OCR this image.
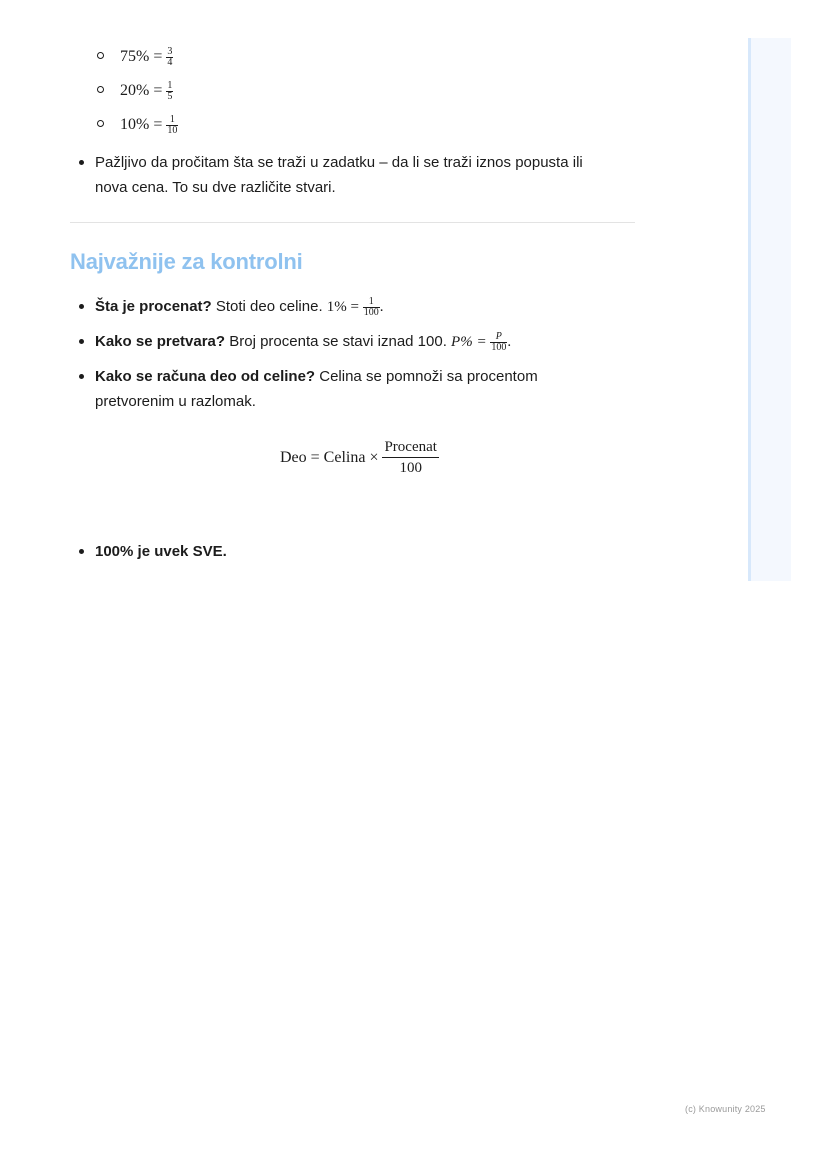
$75\% = \frac{3}{4}$
$20\% = \frac{1}{5}$
$10\% = \frac{1}{10}$
Pažljivo da pročitam šta se traži u zadatku – da li se traži iznos popusta ili
nova cena. To su dve različite stvari.
Najvažnije za kontrolni
Šta je procenat? Stoti deo celine. $1\% = \frac{1}{100}$ .
Kako se pretvara? Broj procenta se stavi iznad 100. $P\% = \frac{P}{100}$ .
Kako se računa deo od celine? Celina se pomnoži sa procentom
pretvorenim u razlomak.
100% je uvek SVE.
Deo = Celina × $\frac{\text{Procenat}}{100}$
(c) Knowunity 2025
